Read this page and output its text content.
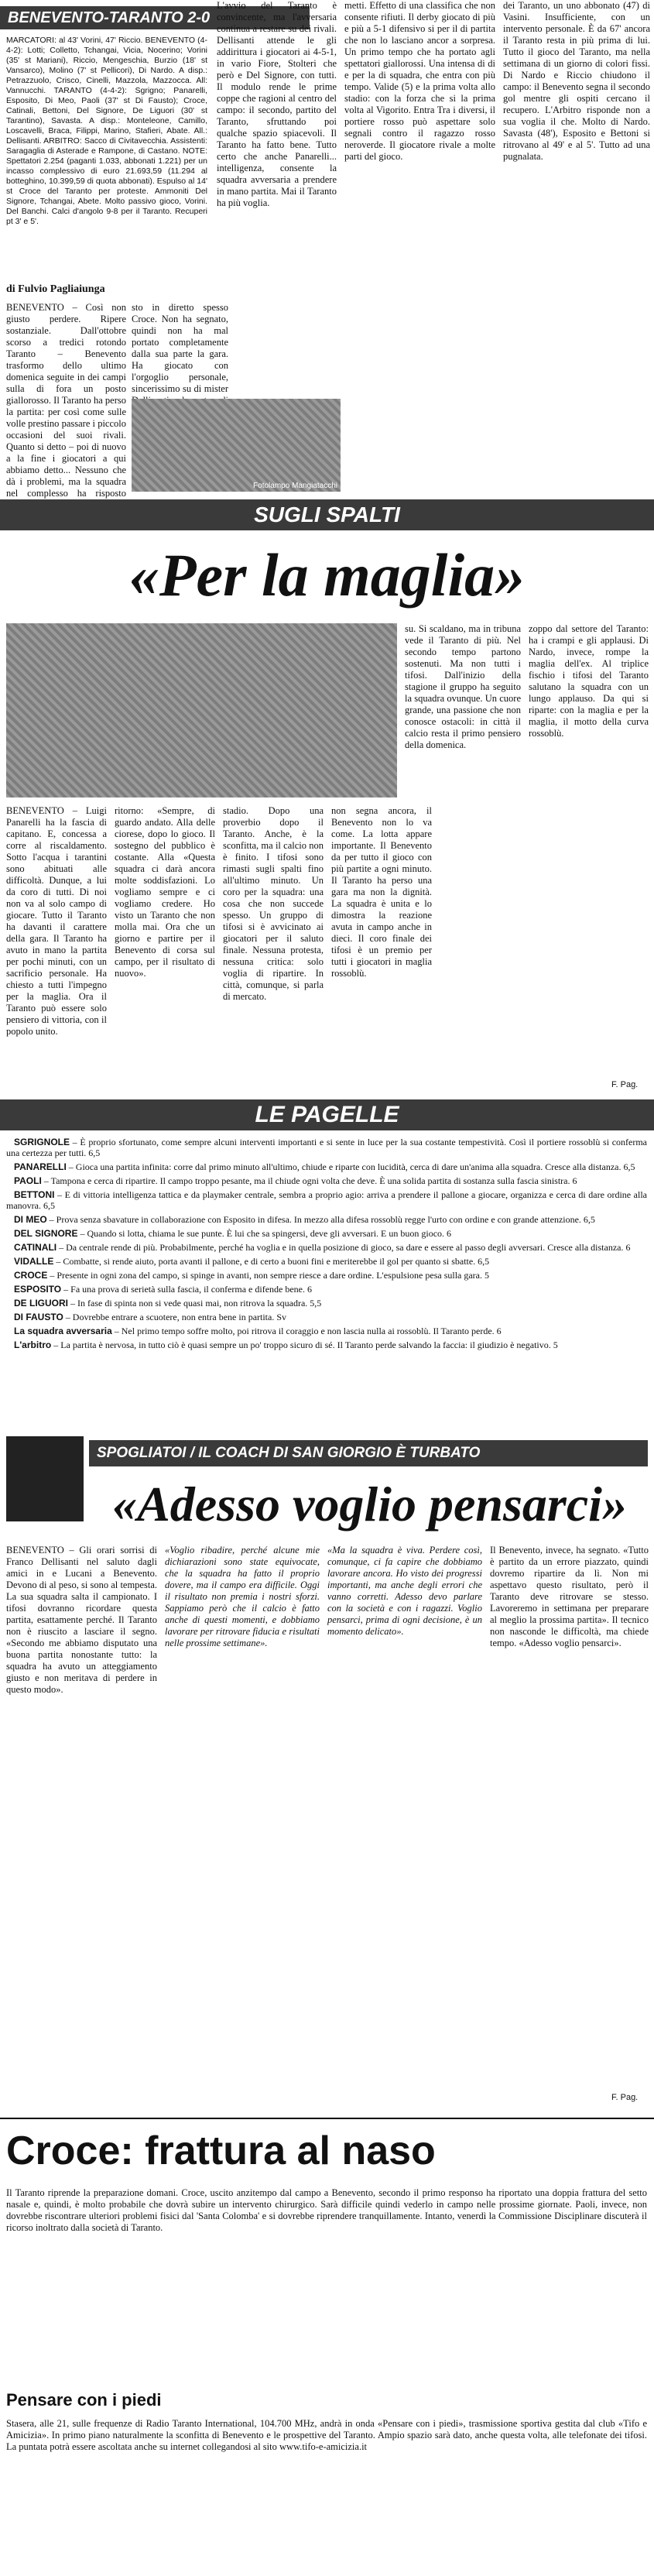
BENEVENTO-TARANTO 2-0
MARCATORI: al 43' Vorini, 47' Riccio. BENEVENTO (4-4-2): Lotti; Colletto, Tchangai, Vicia, Nocerino; Vorini (35' st Mariani), Riccio, Mengeschia, Burzio (18' st Vansarco), Molino (7' st Pellicori), Di Nardo. A disp.: Petrazzuolo, Crisco, Cinelli, Mazzola, Mazzocca. All: Vannucchi. TARANTO (4-4-2): Sgrigno; Panarelli, Esposito, Di Meo, Paoli (37' st Di Fausto); Croce, Catinali, Bettoni, Del Signore, De Liguori (30' st Tarantino), Savasta. A disp.: Monteleone, Camillo, Loscavelli, Braca, Filippi, Marino, Stafieri, Abate. All.: Dellisanti. ARBITRO: Sacco di Civitavecchia. Assistenti: Saragaglia di Asterade e Rampone, di Castano. NOTE: Spettatori 2.254 (paganti 1.033, abbonati 1.221) per un incasso complessivo di euro 21.693,59 (11.294 al botteghino, 10.399,59 di quota abbonati). Espulso al 14' st Croce del Taranto per proteste. Ammoniti Del Signore, Tchangai, Abete. Molto passivo gioco, Vorini. Del Banchi. Calci d'angolo 9-8 per il Taranto. Recuperi pt 3' e 5'.
di Fulvio Pagliaiunga
BENEVENTO – Così non giusto perdere. Ripere sostanziale. Dall'ottobre scorso a tredici rotondo Taranto – Benevento trasformo dello ultimo domenica seguite in dei campi sulla di fora un posto giallorosso. Il Taranto ha perso la partita: per così come sulle volle prestino passare i piccolo occasioni del suoi rivali. Quanto si detto – poi di nuovo a la fine i giocatori a qui abbiamo detto... Nessuno che dà i problemi, ma la squadra nel complesso ha risposto
sto in diretto spesso Croce. Non ha segnato, quindi non ha mal portato completamente dalla sua parte la gara. Ha giocato con l'orgoglio personale, sincerissimo su di mister
L'avvio del Taranto è convincente, ma l'avversaria continua a restare su dei rivali. Dellisanti attende le gli addirittura i giocatori ai 4-5-1, in vario Fiore, Stolteri che però e Del Signore, con tutti. Il modulo rende le prime coppe che ragioni al centro del campo: il secondo, partito del Taranto, sfruttando poi qualche spazio spiacevoli. Il Taranto ha fatto bene. Tutto certo che anche Panarelli... intelligenza, consente la squadra avversaria a prendere in mano partita. Mai il Taranto ha più voglia.
metti. Effetto di una classifica che non consente rifiuti. Il derby giocato di più e più a 5-1 difensivo si per il di partita che non lo lasciano ancor a sorpresa. Un primo tempo che ha portato agli spettatori giallorossi. Una intensa di di e per la di squadra, che entra con più tempo. Valide (5) e la prima volta allo stadio: con la forza che si la prima volta al Vigorito. Entra Tra i diversi, il portiere rosso può aspettare solo segnali contro il ragazzo rosso neroverde. Il giocatore rivale a molte parti del gioco.
dei Taranto, un uno abbonato (47) di Vasini. Insufficiente, con un intervento personale. È da 67' ancora il Taranto resta in più prima di lui. Tutto il gioco del Taranto, ma nella settimana di un giorno di colori fissi. Di Nardo e Riccio chiudono il campo: il Benevento segna il secondo gol mentre gli ospiti cercano il recupero. L'Arbitro risponde non a sua voglia il che. Molto di Nardo. Savasta (48'), Esposito e Bettoni si ritrovano al 49' e al 5'. Tutto ad una pugnalata.
Fotolampo Mangiatacchi
SUGLI SPALTI
«Per la maglia»
BENEVENTO – Luigi Panarelli ha la fascia di capitano. E, concessa a corre al riscaldamento. Sotto l'acqua i tarantini sono abituati alle difficoltà. Dunque, a lui da coro di tutti. Di noi non va al solo campo di giocare. Tutto il Taranto ha davanti il carattere della gara. Il Taranto ha avuto in mano la partita per pochi minuti, con un sacrificio personale. Ha chiesto a tutti l'impegno per la maglia. Ora il Taranto può essere solo pensiero di vittoria, con il popolo unito.
ritorno: «Sempre, di guardo andato. Alla delle ciorese, dopo lo gioco. Il sostegno del pubblico è costante. Alla «Questa squadra ci darà ancora molte soddisfazioni. Lo vogliamo sempre e ci vogliamo credere. Ho visto un Taranto che non molla mai. Ora che un giorno e partire per il Benevento di corsa sul campo, per il risultato di nuovo».
stadio. Dopo una proverbio dopo il Taranto. Anche, è la sconfitta, ma il calcio non è finito. I tifosi sono rimasti sugli spalti fino all'ultimo minuto. Un coro per la squadra: una cosa che non succede spesso. Un gruppo di tifosi si è avvicinato ai giocatori per il saluto finale. Nessuna protesta, nessuna critica: solo voglia di ripartire. In città, comunque, si parla di mercato.
non segna ancora, il Benevento non lo va come. La lotta appare importante. Il Benevento da per tutto il gioco con più partite a ogni minuto. Il Taranto ha perso una gara ma non la dignità. La squadra è unita e lo dimostra la reazione avuta in campo anche in dieci. Il coro finale dei tifosi è un premio per tutti i giocatori in maglia rossoblù.
su. Si scaldano, ma in tribuna vede il Taranto di più. Nel secondo tempo partono sostenuti. Ma non tutti i tifosi. Dall'inizio della stagione il gruppo ha seguito la squadra ovunque. Un cuore grande, una passione che non conosce ostacoli: in città il calcio resta il primo pensiero della domenica.
zoppo dal settore del Taranto: ha i crampi e gli applausi. Di Nardo, invece, rompe la maglia dell'ex. Al triplice fischio i tifosi del Taranto salutano la squadra con un lungo applauso. Da qui si riparte: con la maglia e per la maglia, il motto della curva rossoblù.
F. Pag.
LE PAGELLE

SGRIGNOLE – È proprio sfortunato, come sempre alcuni interventi importanti e si sente in luce per la sua costante tempestività. Così il portiere rossoblù si conferma una certezza per tutti. 6,5

PANARELLI – Gioca una partita infinita: corre dal primo minuto all'ultimo, chiude e riparte con lucidità, cerca di dare un'anima alla squadra. Cresce alla distanza. 6,5

PAOLI – Tampona e cerca di ripartire. Il campo troppo pesante, ma il chiude ogni volta che deve. È una solida partita di sostanza sulla fascia sinistra. 6

BETTONI – E di vittoria intelligenza tattica e da playmaker centrale, sembra a proprio agio: arriva a prendere il pallone a giocare, organizza e cerca di dare ordine alla manovra. 6,5

DI MEO – Prova senza sbavature in collaborazione con Esposito in difesa. In mezzo alla difesa rossoblù regge l'urto con ordine e con grande attenzione. 6,5

DEL SIGNORE – Quando si lotta, chiama le sue punte. È lui che sa spingersi, deve gli avversari. E un buon gioco. 6

CATINALI – Da centrale rende di più. Probabilmente, perché ha voglia e in quella posizione di gioco, sa dare e essere al passo degli avversari. Cresce alla distanza. 6

VIDALLE – Combatte, si rende aiuto, porta avanti il pallone, e di certo a buoni fini e meriterebbe il gol per quanto si sbatte. 6,5

CROCE – Presente in ogni zona del campo, si spinge in avanti, non sempre riesce a dare ordine. L'espulsione pesa sulla gara. 5

ESPOSITO – Fa una prova di serietà sulla fascia, il conferma e difende bene. 6

DE LIGUORI – In fase di spinta non si vede quasi mai, non ritrova la squadra. 5,5

DI FAUSTO – Dovrebbe entrare a scuotere, non entra bene in partita. Sv

La squadra avversaria – Nel primo tempo soffre molto, poi ritrova il coraggio e non lascia nulla ai rossoblù. Il Taranto perde. 6

L'arbitro – La partita è nervosa, in tutto ciò è quasi sempre un po' troppo sicuro di sé. Il Taranto perde salvando la faccia: il giudizio è negativo. 5

SPOGLIATOI / IL COACH DI SAN GIORGIO È TURBATO
«Adesso voglio pensarci»
BENEVENTO – Gli orari sorrisi di Franco Dellisanti nel saluto dagli amici in e Lucani a Benevento. Devono di al peso, si sono al tempesta. La sua squadra salta il campionato. I tifosi dovranno ricordare questa partita, esattamente perché. Il Taranto non è riuscito a lasciare il segno. «Secondo me abbiamo disputato una buona partita nonostante tutto: la squadra ha avuto un atteggiamento giusto e non meritava di perdere in questo modo».
«Voglio ribadire, perché alcune mie dichiarazioni sono state equivocate, che la squadra ha fatto il proprio dovere, ma il campo era difficile. Oggi il risultato non premia i nostri sforzi. Sappiamo però che il calcio è fatto anche di questi momenti, e dobbiamo lavorare per ritrovare fiducia e risultati nelle prossime settimane».
«Ma la squadra è viva. Perdere così, comunque, ci fa capire che dobbiamo lavorare ancora. Ho visto dei progressi importanti, ma anche degli errori che vanno corretti. Adesso devo parlare con la società e con i ragazzi. Voglio pensarci, prima di ogni decisione, è un momento delicato».
Il Benevento, invece, ha segnato. «Tutto è partito da un errore piazzato, quindi dovremo ripartire da lì. Non mi aspettavo questo risultato, però il Taranto deve ritrovare se stesso. Lavoreremo in settimana per preparare al meglio la prossima partita». Il tecnico non nasconde le difficoltà, ma chiede tempo. «Adesso voglio pensarci».
F. Pag.
Croce: frattura al naso
Il Taranto riprende la preparazione domani. Croce, uscito anzitempo dal campo a Benevento, secondo il primo responso ha riportato una doppia frattura del setto nasale e, quindi, è molto probabile che dovrà subire un intervento chirurgico. Sarà difficile quindi vederlo in campo nelle prossime giornate. Paoli, invece, non dovrebbe riscontrare ulteriori problemi fisici dal 'Santa Colomba' e si dovrebbe riprendere tranquillamente. Intanto, venerdì la Commissione Disciplinare discuterà il ricorso inoltrato dalla società di Taranto.
Pensare con i piedi
Stasera, alle 21, sulle frequenze di Radio Taranto International, 104.700 MHz, andrà in onda «Pensare con i piedi», trasmissione sportiva gestita dal club «Tifo e Amicizia». In primo piano naturalmente la sconfitta di Benevento e le prospettive del Taranto. Ampio spazio sarà dato, anche questa volta, alle telefonate dei tifosi. La puntata potrà essere ascoltata anche su internet collegandosi al sito www.tifo-e-amicizia.it
